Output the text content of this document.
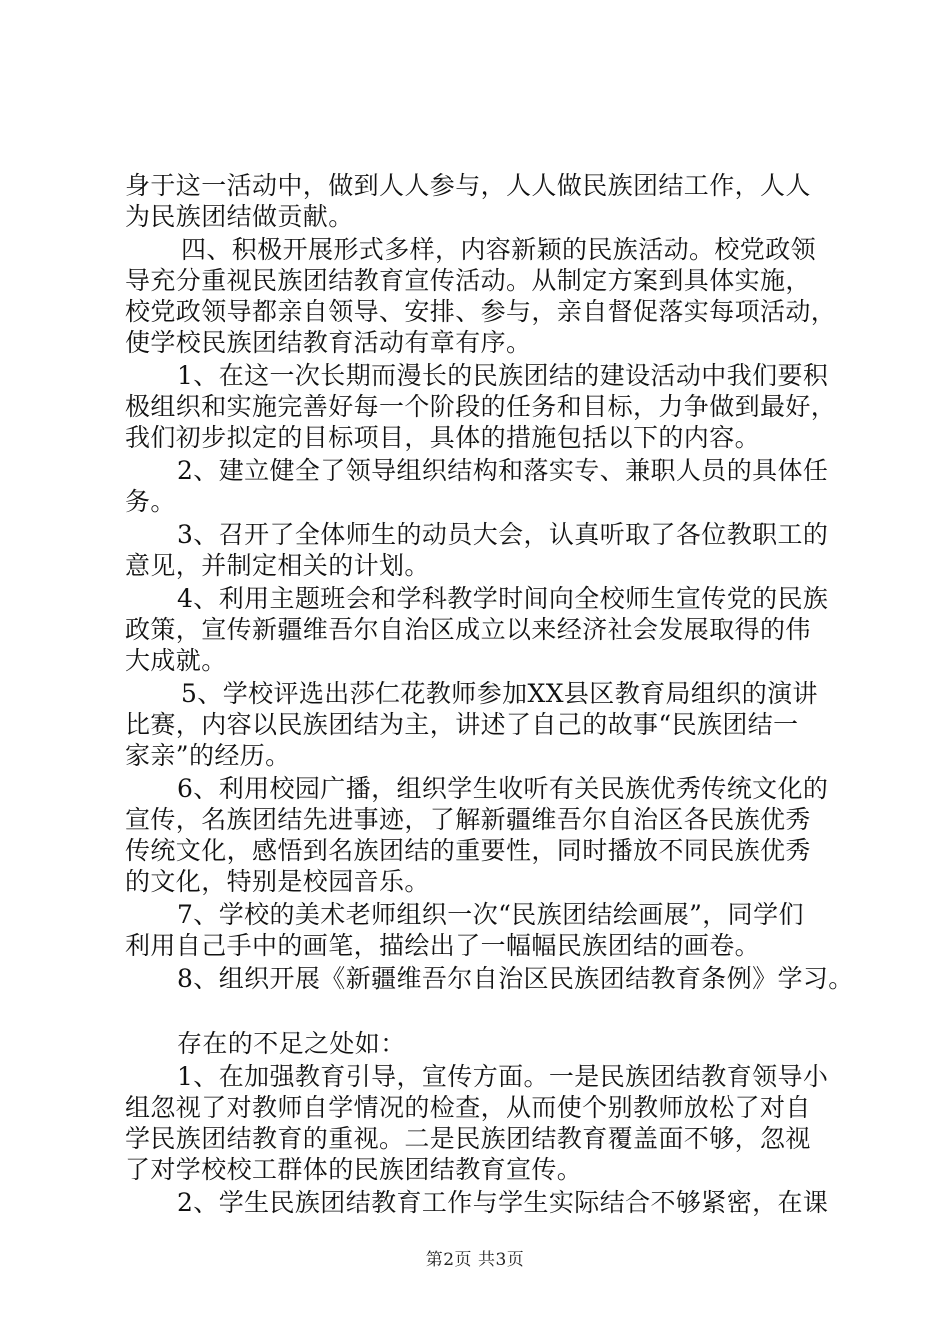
身于这一活动中，做到人人参与，人人做民族团结工作，人人
为民族团结做贡献。
四、积极开展形式多样，内容新颖的民族活动。校党政领
导充分重视民族团结教育宣传活动。从制定方案到具体实施，
校党政领导都亲自领导、安排、参与，亲自督促落实每项活动，
使学校民族团结教育活动有章有序。
1、在这一次长期而漫长的民族团结的建设活动中我们要积
极组织和实施完善好每一个阶段的任务和目标，力争做到最好，
我们初步拟定的目标项目，具体的措施包括以下的内容。
2、建立健全了领导组织结构和落实专、兼职人员的具体任
务。
3、召开了全体师生的动员大会，认真听取了各位教职工的
意见，并制定相关的计划。
4、利用主题班会和学科教学时间向全校师生宣传党的民族
政策，宣传新疆维吾尔自治区成立以来经济社会发展取得的伟
大成就。
5、学校评选出莎仁花教师参加XX县区教育局组织的演讲
比赛，内容以民族团结为主，讲述了自己的故事“民族团结一
家亲”的经历。
6、利用校园广播，组织学生收听有关民族优秀传统文化的
宣传，名族团结先进事迹，了解新疆维吾尔自治区各民族优秀
传统文化，感悟到名族团结的重要性，同时播放不同民族优秀
的文化，特别是校园音乐。
7、学校的美术老师组织一次“民族团结绘画展”，同学们
利用自己手中的画笔，描绘出了一幅幅民族团结的画卷。
8、组织开展《新疆维吾尔自治区民族团结教育条例》学习。
存在的不足之处如：
1、在加强教育引导，宣传方面。一是民族团结教育领导小
组忽视了对教师自学情况的检查，从而使个别教师放松了对自
学民族团结教育的重视。二是民族团结教育覆盖面不够，忽视
了对学校校工群体的民族团结教育宣传。
2、学生民族团结教育工作与学生实际结合不够紧密，在课
第2页 共3页
